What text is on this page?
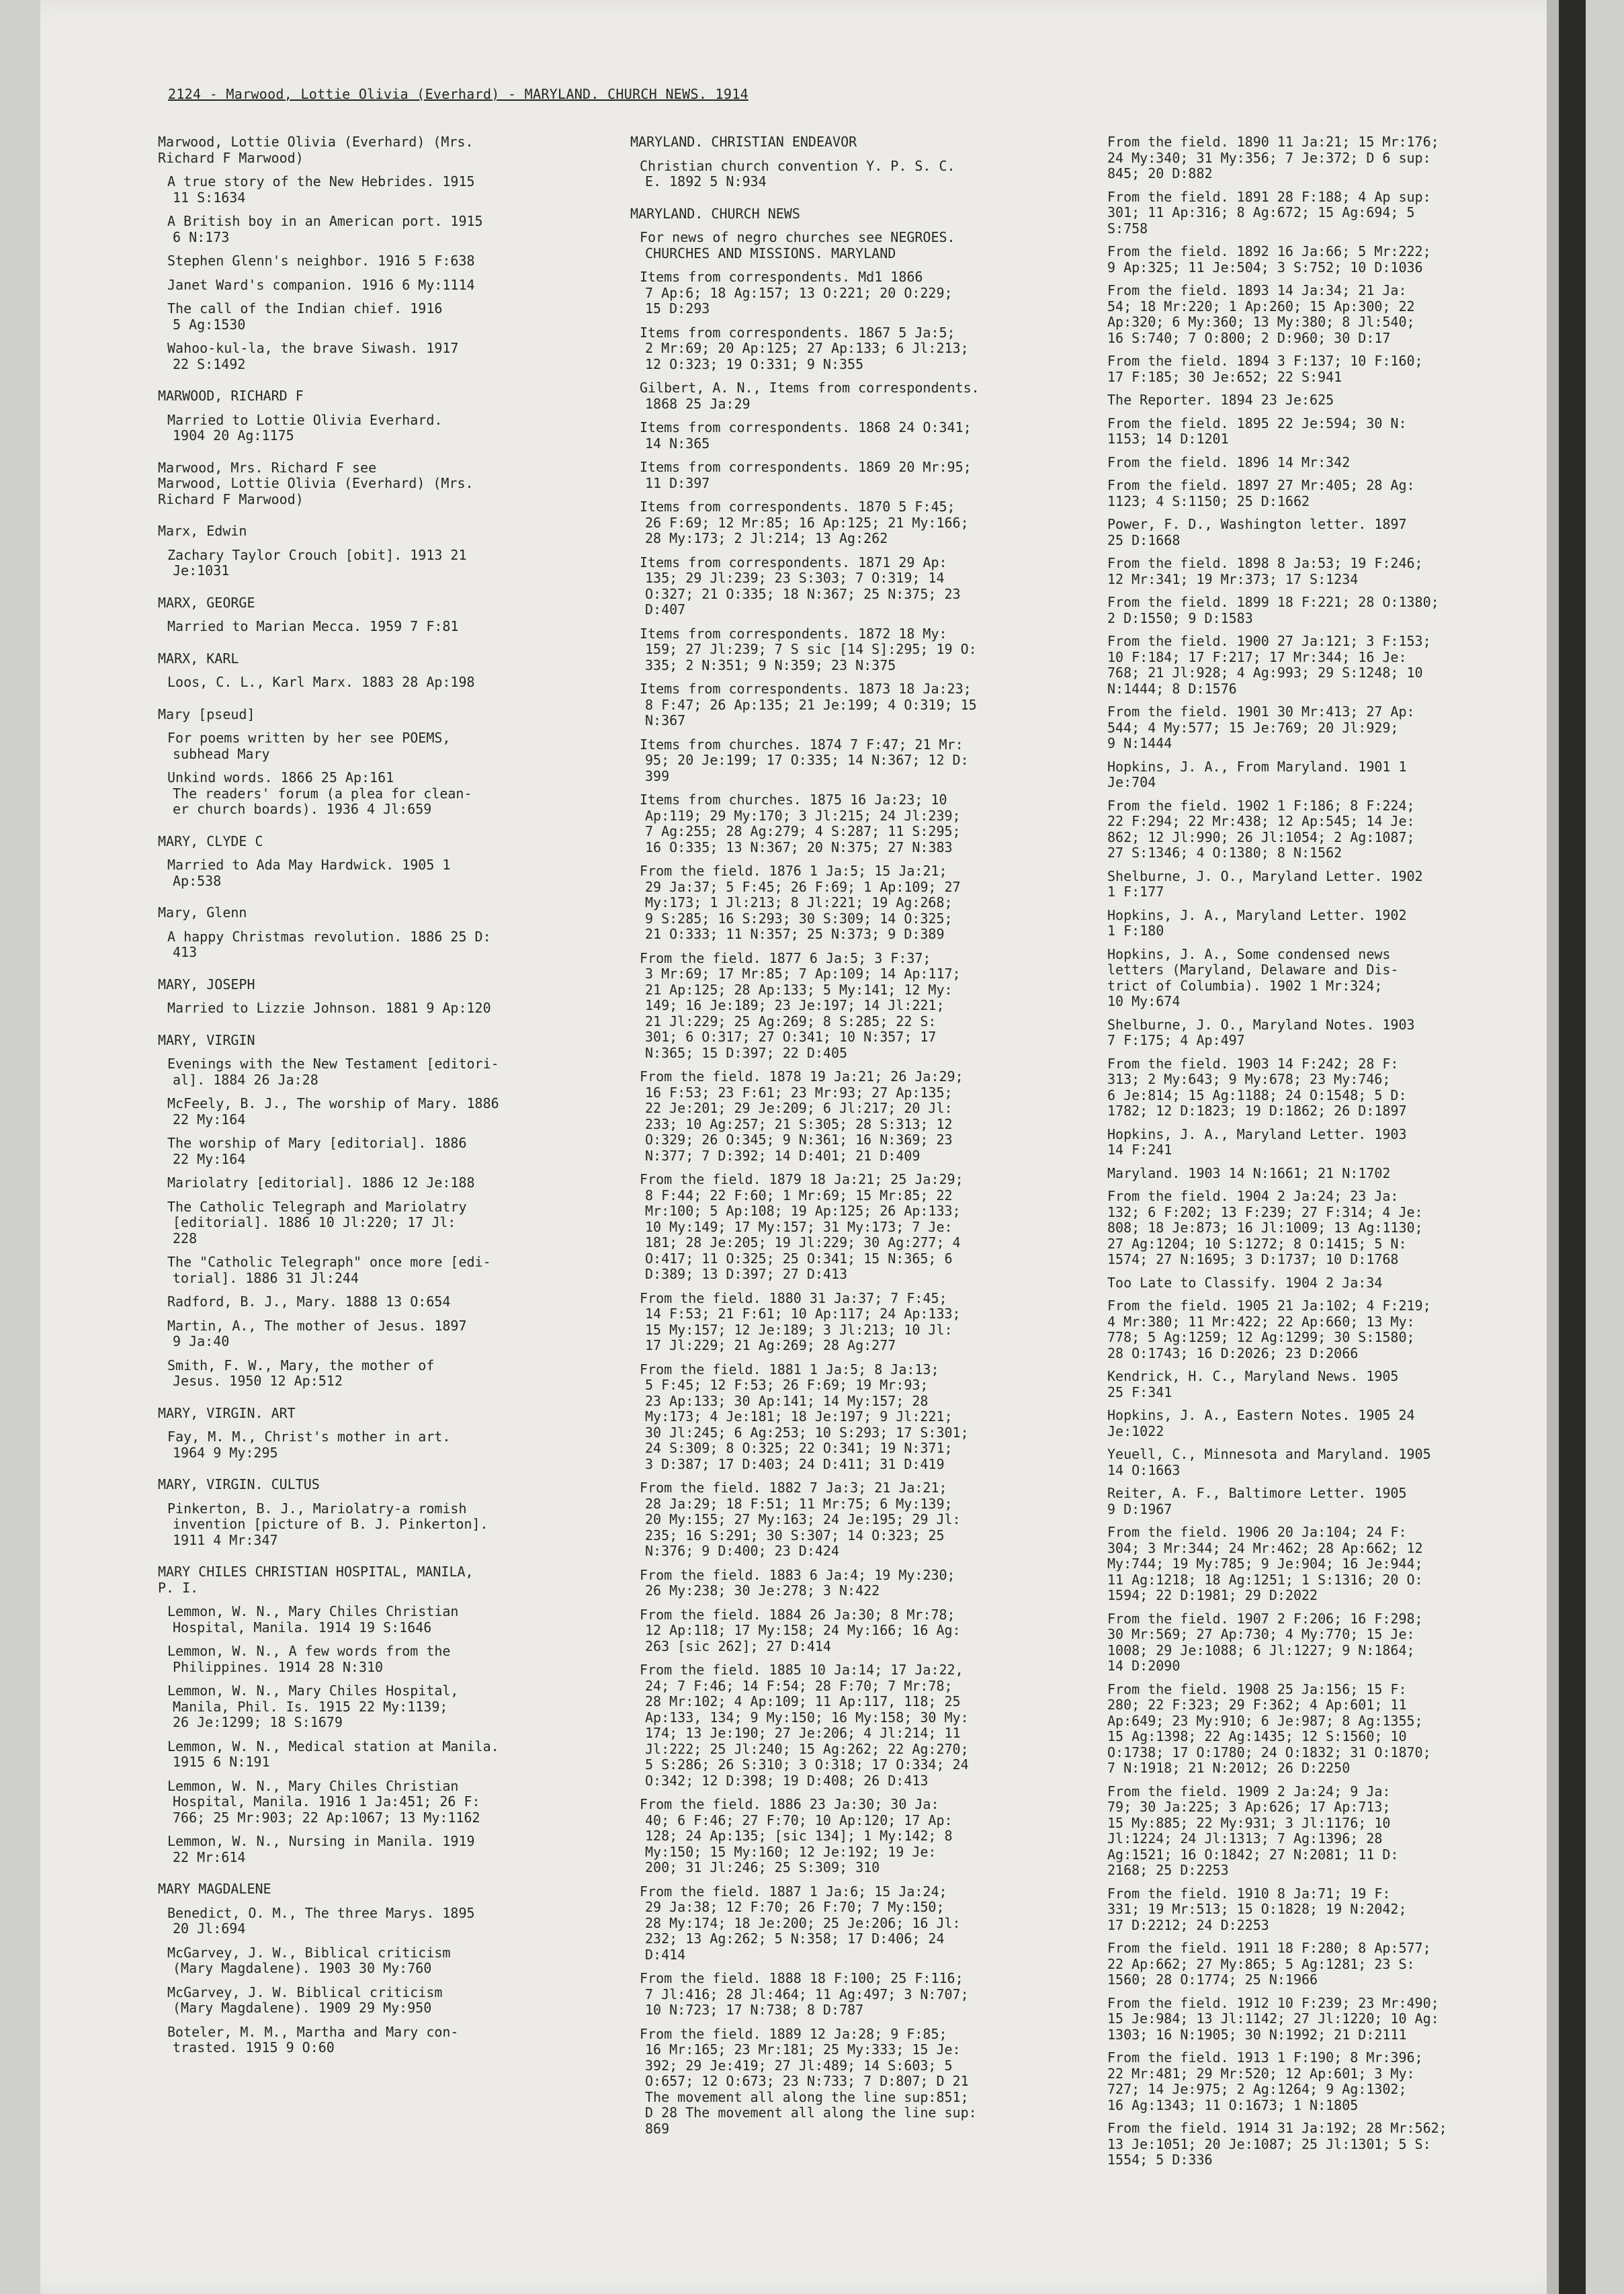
2124 - Marwood, Lottie Olivia (Everhard) - MARYLAND. CHURCH NEWS. 1914
Marwood, Lottie Olivia (Everhard) (Mrs.
Richard F Marwood)
A true story of the New Hebrides. 1915
11 S:1634
A British boy in an American port. 1915
6 N:173
Stephen Glenn's neighbor. 1916 5 F:638
Janet Ward's companion. 1916 6 My:1114
The call of the Indian chief. 1916
5 Ag:1530
Wahoo-kul-la, the brave Siwash. 1917
22 S:1492
MARWOOD, RICHARD F
Married to Lottie Olivia Everhard.
1904 20 Ag:1175
Marwood, Mrs. Richard F see
Marwood, Lottie Olivia (Everhard) (Mrs.
Richard F Marwood)
Marx, Edwin
Zachary Taylor Crouch [obit]. 1913 21
Je:1031
MARX, GEORGE
Married to Marian Mecca. 1959 7 F:81
MARX, KARL
Loos, C. L., Karl Marx. 1883 28 Ap:198
Mary [pseud]
For poems written by her see POEMS,
subhead Mary
Unkind words. 1866 25 Ap:161
The readers' forum (a plea for clean-
er church boards). 1936 4 Jl:659
MARY, CLYDE C
Married to Ada May Hardwick. 1905 1
Ap:538
Mary, Glenn
A happy Christmas revolution. 1886 25 D:
413
MARY, JOSEPH
Married to Lizzie Johnson. 1881 9 Ap:120
MARY, VIRGIN
Evenings with the New Testament [editori-
al]. 1884 26 Ja:28
McFeely, B. J., The worship of Mary. 1886
22 My:164
The worship of Mary [editorial]. 1886
22 My:164
Mariolatry [editorial]. 1886 12 Je:188
The Catholic Telegraph and Mariolatry
[editorial]. 1886 10 Jl:220; 17 Jl:
228
The "Catholic Telegraph" once more [edi-
torial]. 1886 31 Jl:244
Radford, B. J., Mary. 1888 13 O:654
Martin, A., The mother of Jesus. 1897
9 Ja:40
Smith, F. W., Mary, the mother of
Jesus. 1950 12 Ap:512
MARY, VIRGIN. ART
Fay, M. M., Christ's mother in art.
1964 9 My:295
MARY, VIRGIN. CULTUS
Pinkerton, B. J., Mariolatry-a romish
invention [picture of B. J. Pinkerton].
1911 4 Mr:347
MARY CHILES CHRISTIAN HOSPITAL, MANILA,
P. I.
Lemmon, W. N., Mary Chiles Christian
Hospital, Manila. 1914 19 S:1646
Lemmon, W. N., A few words from the
Philippines. 1914 28 N:310
Lemmon, W. N., Mary Chiles Hospital,
Manila, Phil. Is. 1915 22 My:1139;
26 Je:1299; 18 S:1679
Lemmon, W. N., Medical station at Manila.
1915 6 N:191
Lemmon, W. N., Mary Chiles Christian
Hospital, Manila. 1916 1 Ja:451; 26 F:
766; 25 Mr:903; 22 Ap:1067; 13 My:1162
Lemmon, W. N., Nursing in Manila. 1919
22 Mr:614
MARY MAGDALENE
Benedict, O. M., The three Marys. 1895
20 Jl:694
McGarvey, J. W., Biblical criticism
(Mary Magdalene). 1903 30 My:760
McGarvey, J. W. Biblical criticism
(Mary Magdalene). 1909 29 My:950
Boteler, M. M., Martha and Mary con-
trasted. 1915 9 O:60
MARYLAND. CHRISTIAN ENDEAVOR
Christian church convention Y. P. S. C.
E. 1892 5 N:934
MARYLAND. CHURCH NEWS
For news of negro churches see NEGROES.
CHURCHES AND MISSIONS. MARYLAND
Items from correspondents. Md1 1866
7 Ap:6; 18 Ag:157; 13 O:221; 20 O:229;
15 D:293
Items from correspondents. 1867 5 Ja:5;
2 Mr:69; 20 Ap:125; 27 Ap:133; 6 Jl:213;
12 O:323; 19 O:331; 9 N:355
Gilbert, A. N., Items from correspondents.
1868 25 Ja:29
Items from correspondents. 1868 24 O:341;
14 N:365
Items from correspondents. 1869 20 Mr:95;
11 D:397
Items from correspondents. 1870 5 F:45;
26 F:69; 12 Mr:85; 16 Ap:125; 21 My:166;
28 My:173; 2 Jl:214; 13 Ag:262
Items from correspondents. 1871 29 Ap:
135; 29 Jl:239; 23 S:303; 7 O:319; 14
O:327; 21 O:335; 18 N:367; 25 N:375; 23
D:407
Items from correspondents. 1872 18 My:
159; 27 Jl:239; 7 S sic [14 S]:295; 19 O:
335; 2 N:351; 9 N:359; 23 N:375
Items from correspondents. 1873 18 Ja:23;
8 F:47; 26 Ap:135; 21 Je:199; 4 O:319; 15
N:367
Items from churches. 1874 7 F:47; 21 Mr:
95; 20 Je:199; 17 O:335; 14 N:367; 12 D:
399
Items from churches. 1875 16 Ja:23; 10
Ap:119; 29 My:170; 3 Jl:215; 24 Jl:239;
7 Ag:255; 28 Ag:279; 4 S:287; 11 S:295;
16 O:335; 13 N:367; 20 N:375; 27 N:383
From the field. 1876 1 Ja:5; 15 Ja:21;
29 Ja:37; 5 F:45; 26 F:69; 1 Ap:109; 27
My:173; 1 Jl:213; 8 Jl:221; 19 Ag:268;
9 S:285; 16 S:293; 30 S:309; 14 O:325;
21 O:333; 11 N:357; 25 N:373; 9 D:389
From the field. 1877 6 Ja:5; 3 F:37;
3 Mr:69; 17 Mr:85; 7 Ap:109; 14 Ap:117;
21 Ap:125; 28 Ap:133; 5 My:141; 12 My:
149; 16 Je:189; 23 Je:197; 14 Jl:221;
21 Jl:229; 25 Ag:269; 8 S:285; 22 S:
301; 6 O:317; 27 O:341; 10 N:357; 17
N:365; 15 D:397; 22 D:405
From the field. 1878 19 Ja:21; 26 Ja:29;
16 F:53; 23 F:61; 23 Mr:93; 27 Ap:135;
22 Je:201; 29 Je:209; 6 Jl:217; 20 Jl:
233; 10 Ag:257; 21 S:305; 28 S:313; 12
O:329; 26 O:345; 9 N:361; 16 N:369; 23
N:377; 7 D:392; 14 D:401; 21 D:409
From the field. 1879 18 Ja:21; 25 Ja:29;
8 F:44; 22 F:60; 1 Mr:69; 15 Mr:85; 22
Mr:100; 5 Ap:108; 19 Ap:125; 26 Ap:133;
10 My:149; 17 My:157; 31 My:173; 7 Je:
181; 28 Je:205; 19 Jl:229; 30 Ag:277; 4
O:417; 11 O:325; 25 O:341; 15 N:365; 6
D:389; 13 D:397; 27 D:413
From the field. 1880 31 Ja:37; 7 F:45;
14 F:53; 21 F:61; 10 Ap:117; 24 Ap:133;
15 My:157; 12 Je:189; 3 Jl:213; 10 Jl:
17 Jl:229; 21 Ag:269; 28 Ag:277
From the field. 1881 1 Ja:5; 8 Ja:13;
5 F:45; 12 F:53; 26 F:69; 19 Mr:93;
23 Ap:133; 30 Ap:141; 14 My:157; 28
My:173; 4 Je:181; 18 Je:197; 9 Jl:221;
30 Jl:245; 6 Ag:253; 10 S:293; 17 S:301;
24 S:309; 8 O:325; 22 O:341; 19 N:371;
3 D:387; 17 D:403; 24 D:411; 31 D:419
From the field. 1882 7 Ja:3; 21 Ja:21;
28 Ja:29; 18 F:51; 11 Mr:75; 6 My:139;
20 My:155; 27 My:163; 24 Je:195; 29 Jl:
235; 16 S:291; 30 S:307; 14 O:323; 25
N:376; 9 D:400; 23 D:424
From the field. 1883 6 Ja:4; 19 My:230;
26 My:238; 30 Je:278; 3 N:422
From the field. 1884 26 Ja:30; 8 Mr:78;
12 Ap:118; 17 My:158; 24 My:166; 16 Ag:
263 [sic 262]; 27 D:414
From the field. 1885 10 Ja:14; 17 Ja:22,
24; 7 F:46; 14 F:54; 28 F:70; 7 Mr:78;
28 Mr:102; 4 Ap:109; 11 Ap:117, 118; 25
Ap:133, 134; 9 My:150; 16 My:158; 30 My:
174; 13 Je:190; 27 Je:206; 4 Jl:214; 11
Jl:222; 25 Jl:240; 15 Ag:262; 22 Ag:270;
5 S:286; 26 S:310; 3 O:318; 17 O:334; 24
O:342; 12 D:398; 19 D:408; 26 D:413
From the field. 1886 23 Ja:30; 30 Ja:
40; 6 F:46; 27 F:70; 10 Ap:120; 17 Ap:
128; 24 Ap:135; [sic 134]; 1 My:142; 8
My:150; 15 My:160; 12 Je:192; 19 Je:
200; 31 Jl:246; 25 S:309; 310
From the field. 1887 1 Ja:6; 15 Ja:24;
29 Ja:38; 12 F:70; 26 F:70; 7 My:150;
28 My:174; 18 Je:200; 25 Je:206; 16 Jl:
232; 13 Ag:262; 5 N:358; 17 D:406; 24
D:414
From the field. 1888 18 F:100; 25 F:116;
7 Jl:416; 28 Jl:464; 11 Ag:497; 3 N:707;
10 N:723; 17 N:738; 8 D:787
From the field. 1889 12 Ja:28; 9 F:85;
16 Mr:165; 23 Mr:181; 25 My:333; 15 Je:
392; 29 Je:419; 27 Jl:489; 14 S:603; 5
O:657; 12 O:673; 23 N:733; 7 D:807; D 21
The movement all along the line sup:851;
D 28 The movement all along the line sup:
869
From the field. 1890 11 Ja:21; 15 Mr:176;
24 My:340; 31 My:356; 7 Je:372; D 6 sup:
845; 20 D:882
From the field. 1891 28 F:188; 4 Ap sup:
301; 11 Ap:316; 8 Ag:672; 15 Ag:694; 5
S:758
From the field. 1892 16 Ja:66; 5 Mr:222;
9 Ap:325; 11 Je:504; 3 S:752; 10 D:1036
From the field. 1893 14 Ja:34; 21 Ja:
54; 18 Mr:220; 1 Ap:260; 15 Ap:300; 22
Ap:320; 6 My:360; 13 My:380; 8 Jl:540;
16 S:740; 7 O:800; 2 D:960; 30 D:17
From the field. 1894 3 F:137; 10 F:160;
17 F:185; 30 Je:652; 22 S:941
The Reporter. 1894 23 Je:625
From the field. 1895 22 Je:594; 30 N:
1153; 14 D:1201
From the field. 1896 14 Mr:342
From the field. 1897 27 Mr:405; 28 Ag:
1123; 4 S:1150; 25 D:1662
Power, F. D., Washington letter. 1897
25 D:1668
From the field. 1898 8 Ja:53; 19 F:246;
12 Mr:341; 19 Mr:373; 17 S:1234
From the field. 1899 18 F:221; 28 O:1380;
2 D:1550; 9 D:1583
From the field. 1900 27 Ja:121; 3 F:153;
10 F:184; 17 F:217; 17 Mr:344; 16 Je:
768; 21 Jl:928; 4 Ag:993; 29 S:1248; 10
N:1444; 8 D:1576
From the field. 1901 30 Mr:413; 27 Ap:
544; 4 My:577; 15 Je:769; 20 Jl:929;
9 N:1444
Hopkins, J. A., From Maryland. 1901 1
Je:704
From the field. 1902 1 F:186; 8 F:224;
22 F:294; 22 Mr:438; 12 Ap:545; 14 Je:
862; 12 Jl:990; 26 Jl:1054; 2 Ag:1087;
27 S:1346; 4 O:1380; 8 N:1562
Shelburne, J. O., Maryland Letter. 1902
1 F:177
Hopkins, J. A., Maryland Letter. 1902
1 F:180
Hopkins, J. A., Some condensed news
letters (Maryland, Delaware and Dis-
trict of Columbia). 1902 1 Mr:324;
10 My:674
Shelburne, J. O., Maryland Notes. 1903
7 F:175; 4 Ap:497
From the field. 1903 14 F:242; 28 F:
313; 2 My:643; 9 My:678; 23 My:746;
6 Je:814; 15 Ag:1188; 24 O:1548; 5 D:
1782; 12 D:1823; 19 D:1862; 26 D:1897
Hopkins, J. A., Maryland Letter. 1903
14 F:241
Maryland. 1903 14 N:1661; 21 N:1702
From the field. 1904 2 Ja:24; 23 Ja:
132; 6 F:202; 13 F:239; 27 F:314; 4 Je:
808; 18 Je:873; 16 Jl:1009; 13 Ag:1130;
27 Ag:1204; 10 S:1272; 8 O:1415; 5 N:
1574; 27 N:1695; 3 D:1737; 10 D:1768
Too Late to Classify. 1904 2 Ja:34
From the field. 1905 21 Ja:102; 4 F:219;
4 Mr:380; 11 Mr:422; 22 Ap:660; 13 My:
778; 5 Ag:1259; 12 Ag:1299; 30 S:1580;
28 O:1743; 16 D:2026; 23 D:2066
Kendrick, H. C., Maryland News. 1905
25 F:341
Hopkins, J. A., Eastern Notes. 1905 24
Je:1022
Yeuell, C., Minnesota and Maryland. 1905
14 O:1663
Reiter, A. F., Baltimore Letter. 1905
9 D:1967
From the field. 1906 20 Ja:104; 24 F:
304; 3 Mr:344; 24 Mr:462; 28 Ap:662; 12
My:744; 19 My:785; 9 Je:904; 16 Je:944;
11 Ag:1218; 18 Ag:1251; 1 S:1316; 20 O:
1594; 22 D:1981; 29 D:2022
From the field. 1907 2 F:206; 16 F:298;
30 Mr:569; 27 Ap:730; 4 My:770; 15 Je:
1008; 29 Je:1088; 6 Jl:1227; 9 N:1864;
14 D:2090
From the field. 1908 25 Ja:156; 15 F:
280; 22 F:323; 29 F:362; 4 Ap:601; 11
Ap:649; 23 My:910; 6 Je:987; 8 Ag:1355;
15 Ag:1398; 22 Ag:1435; 12 S:1560; 10
O:1738; 17 O:1780; 24 O:1832; 31 O:1870;
7 N:1918; 21 N:2012; 26 D:2250
From the field. 1909 2 Ja:24; 9 Ja:
79; 30 Ja:225; 3 Ap:626; 17 Ap:713;
15 My:885; 22 My:931; 3 Jl:1176; 10
Jl:1224; 24 Jl:1313; 7 Ag:1396; 28
Ag:1521; 16 O:1842; 27 N:2081; 11 D:
2168; 25 D:2253
From the field. 1910 8 Ja:71; 19 F:
331; 19 Mr:513; 15 O:1828; 19 N:2042;
17 D:2212; 24 D:2253
From the field. 1911 18 F:280; 8 Ap:577;
22 Ap:662; 27 My:865; 5 Ag:1281; 23 S:
1560; 28 O:1774; 25 N:1966
From the field. 1912 10 F:239; 23 Mr:490;
15 Je:984; 13 Jl:1142; 27 Jl:1220; 10 Ag:
1303; 16 N:1905; 30 N:1992; 21 D:2111
From the field. 1913 1 F:190; 8 Mr:396;
22 Mr:481; 29 Mr:520; 12 Ap:601; 3 My:
727; 14 Je:975; 2 Ag:1264; 9 Ag:1302;
16 Ag:1343; 11 O:1673; 1 N:1805
From the field. 1914 31 Ja:192; 28 Mr:562;
13 Je:1051; 20 Je:1087; 25 Jl:1301; 5 S:
1554; 5 D:336
